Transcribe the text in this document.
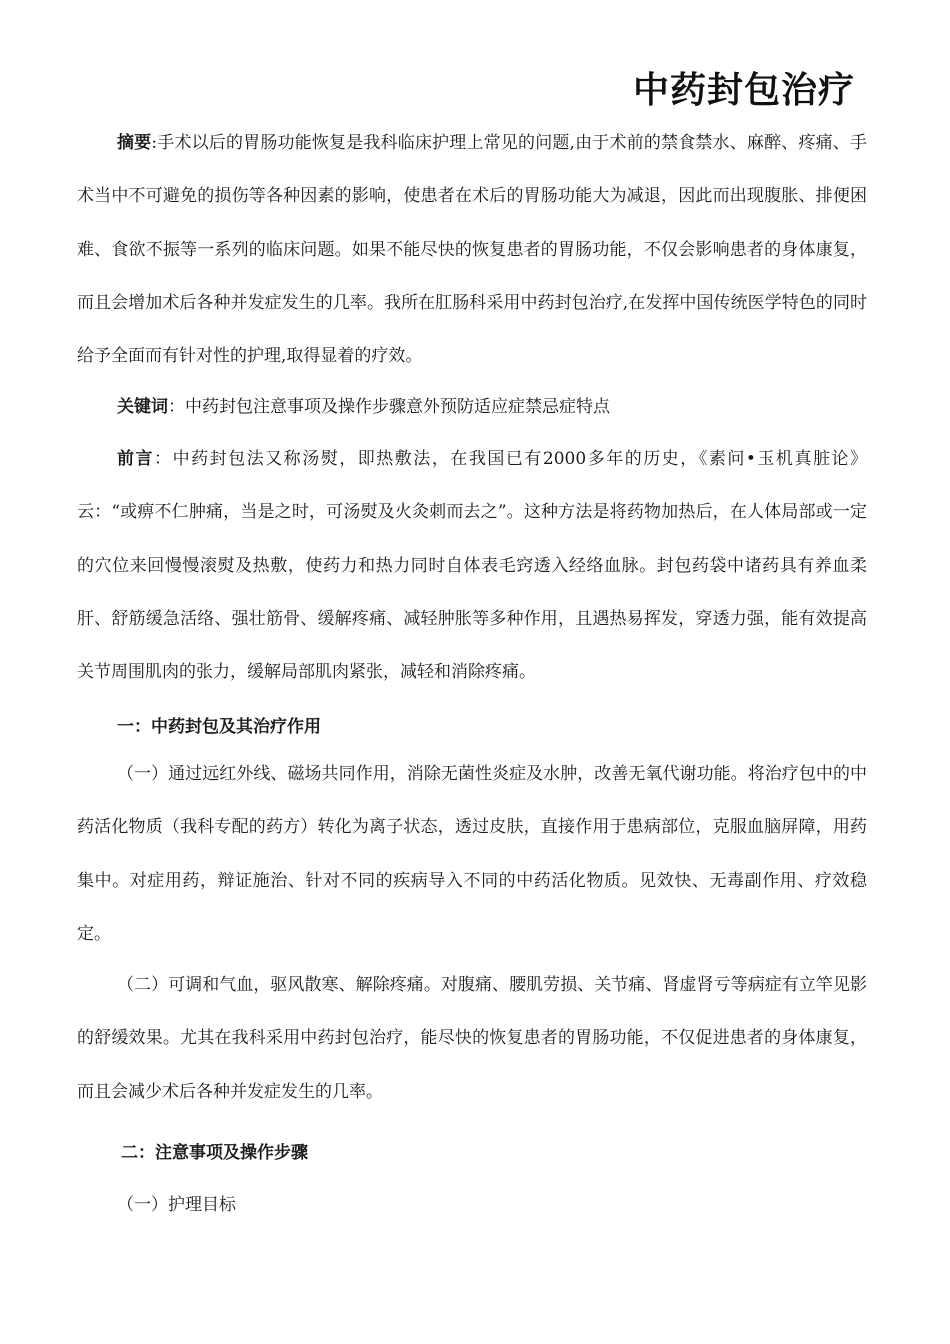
中药封包治疗

摘要:手术以后的胃肠功能恢复是我科临床护理上常见的问题,由于术前的禁食禁水、麻醉、疼痛、手术当中不可避免的损伤等各种因素的影响，使患者在术后的胃肠功能大为减退，因此而出现腹胀、排便困难、食欲不振等一系列的临床问题。如果不能尽快的恢复患者的胃肠功能，不仅会影响患者的身体康复，而且会增加术后各种并发症发生的几率。我所在肛肠科采用中药封包治疗,在发挥中国传统医学特色的同时给予全面而有针对性的护理,取得显着的疗效。

关键词：中药封包注意事项及操作步骤意外预防适应症禁忌症特点

前言：中药封包法又称汤熨，即热敷法，在我国已有2000多年的历史，《素问•玉机真脏论》云：“或痹不仁肿痛，当是之时，可汤熨及火灸刺而去之”。这种方法是将药物加热后，在人体局部或一定的穴位来回慢慢滚熨及热敷，使药力和热力同时自体表毛窍透入经络血脉。封包药袋中诸药具有养血柔肝、舒筋缓急活络、强壮筋骨、缓解疼痛、减轻肿胀等多种作用，且遇热易挥发，穿透力强，能有效提高关节周围肌肉的张力，缓解局部肌肉紧张，减轻和消除疼痛。

一：中药封包及其治疗作用

（一）通过远红外线、磁场共同作用，消除无菌性炎症及水肿，改善无氧代谢功能。将治疗包中的中药活化物质（我科专配的药方）转化为离子状态，透过皮肤，直接作用于患病部位，克服血脑屏障，用药集中。对症用药，辩证施治、针对不同的疾病导入不同的中药活化物质。见效快、无毒副作用、疗效稳定。

（二）可调和气血，驱风散寒、解除疼痛。对腹痛、腰肌劳损、关节痛、肾虚肾亏等病症有立竿见影的舒缓效果。尤其在我科采用中药封包治疗，能尽快的恢复患者的胃肠功能，不仅促进患者的身体康复，而且会减少术后各种并发症发生的几率。

二：注意事项及操作步骤
（一）护理目标
